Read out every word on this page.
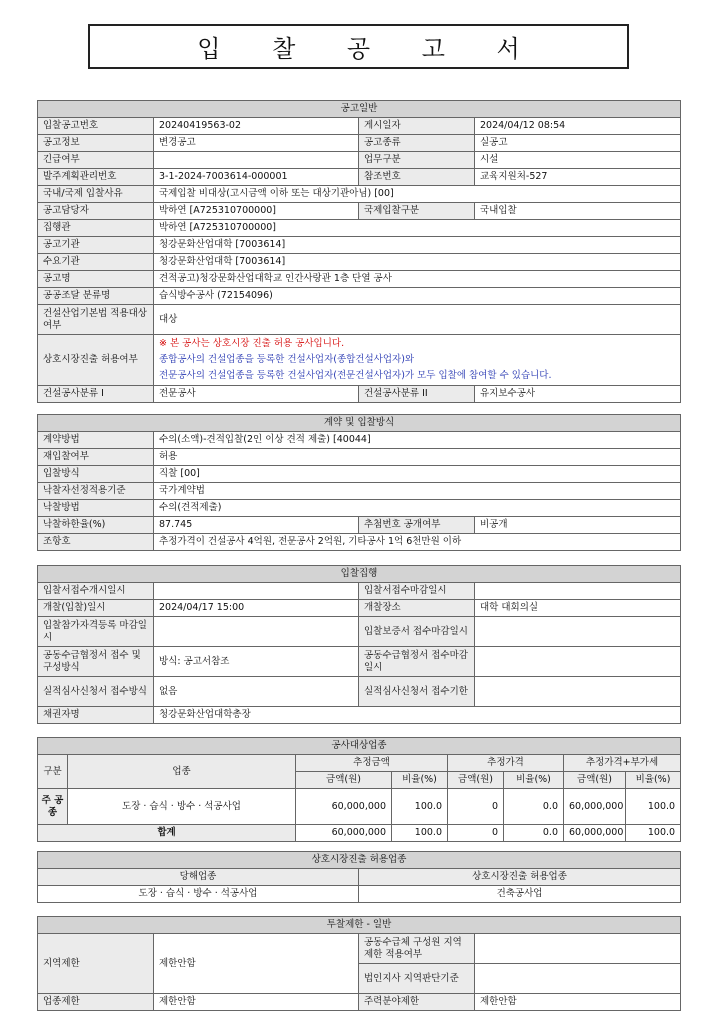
입 찰 공 고 서
공고일반			
입찰공고번호	20240419563-02	게시일자	2024/04/12 08:54
공고정보	변경공고	공고종류	실공고
긴급여부		업무구분	시설
발주계획관리번호	3-1-2024-7003614-000001	참조번호	교육지원처-527
국내/국제 입찰사유	국제입찰 비대상(고시금액 이하 또는 대상기관아님) [00]		
공고담당자	박하연 [A725310700000]	국제입찰구분	국내입찰
집행관	박하연 [A725310700000]		
공고기관	청강문화산업대학 [7003614]		
수요기관	청강문화산업대학 [7003614]		
공고명	견적공고)청강문화산업대학교 인간사랑관 1층 단열 공사		
공공조달 분류명	습식방수공사 (72154096)		
건설산업기본법 적용대상여부	대상		
상호시장진출 허용여부	※ 본 공사는 상호시장 진출 허용 공사입니다.
종합공사의 건설업종을 등록한 건설사업자(종합건설사업자)와
전문공사의 건설업종을 등록한 건설사업자(전문건설사업자)가 모두 입찰에 참여할 수 있습니다.		

건설공사분류 I	전문공사	건설공사분류 II	유지보수공사
계약 및 입찰방식			
계약방법	수의(소액)-견적입찰(2인 이상 견적 제출) [40044]		
재입찰여부	허용		
입찰방식	직찰 [00]		
낙찰자선정적용기준	국가계약법		
낙찰방법	수의(견적제출)		
낙찰하한율(%)	87.745	추첨번호 공개여부	비공개
조항호	추정가격이 건설공사 4억원, 전문공사 2억원, 기타공사 1억 6천만원 이하		
입찰집행			
입찰서접수개시일시		입찰서접수마감일시	
개찰(입찰)일시	2024/04/17 15:00	개찰장소	대학 대회의실
입찰참가자격등록 마감일시		입찰보증서 접수마감일시	
공동수급협정서 접수 및 구성방식	방식: 공고서참조	공동수급협정서 접수마감일시	
실적심사신청서 접수방식	없음	실적심사신청서 접수기한	
채권자명	청강문화산업대학총장		
공사대상업종							
구분	업종	추정금액		추정가격		추정가격+부가세	
		금액(원)	비율(%)	금액(원)	비율(%)	금액(원)	비율(%)
주 공종	도장 · 습식 · 방수 · 석공사업	60,000,000	100.0	0	0.0	60,000,000	100.0
합계		60,000,000	100.0	0	0.0	60,000,000	100.0
상호시장진출 허용업종	
당해업종	상호시장진출 허용업종
도장 · 습식 · 방수 · 석공사업	건축공사업
투찰제한 - 일반			
지역제한	제한안함	공동수급체 구성원 지역제한 적용여부	
		법인지사 지역판단기준	
업종제한	제한안함	주력분야제한	제한안함
